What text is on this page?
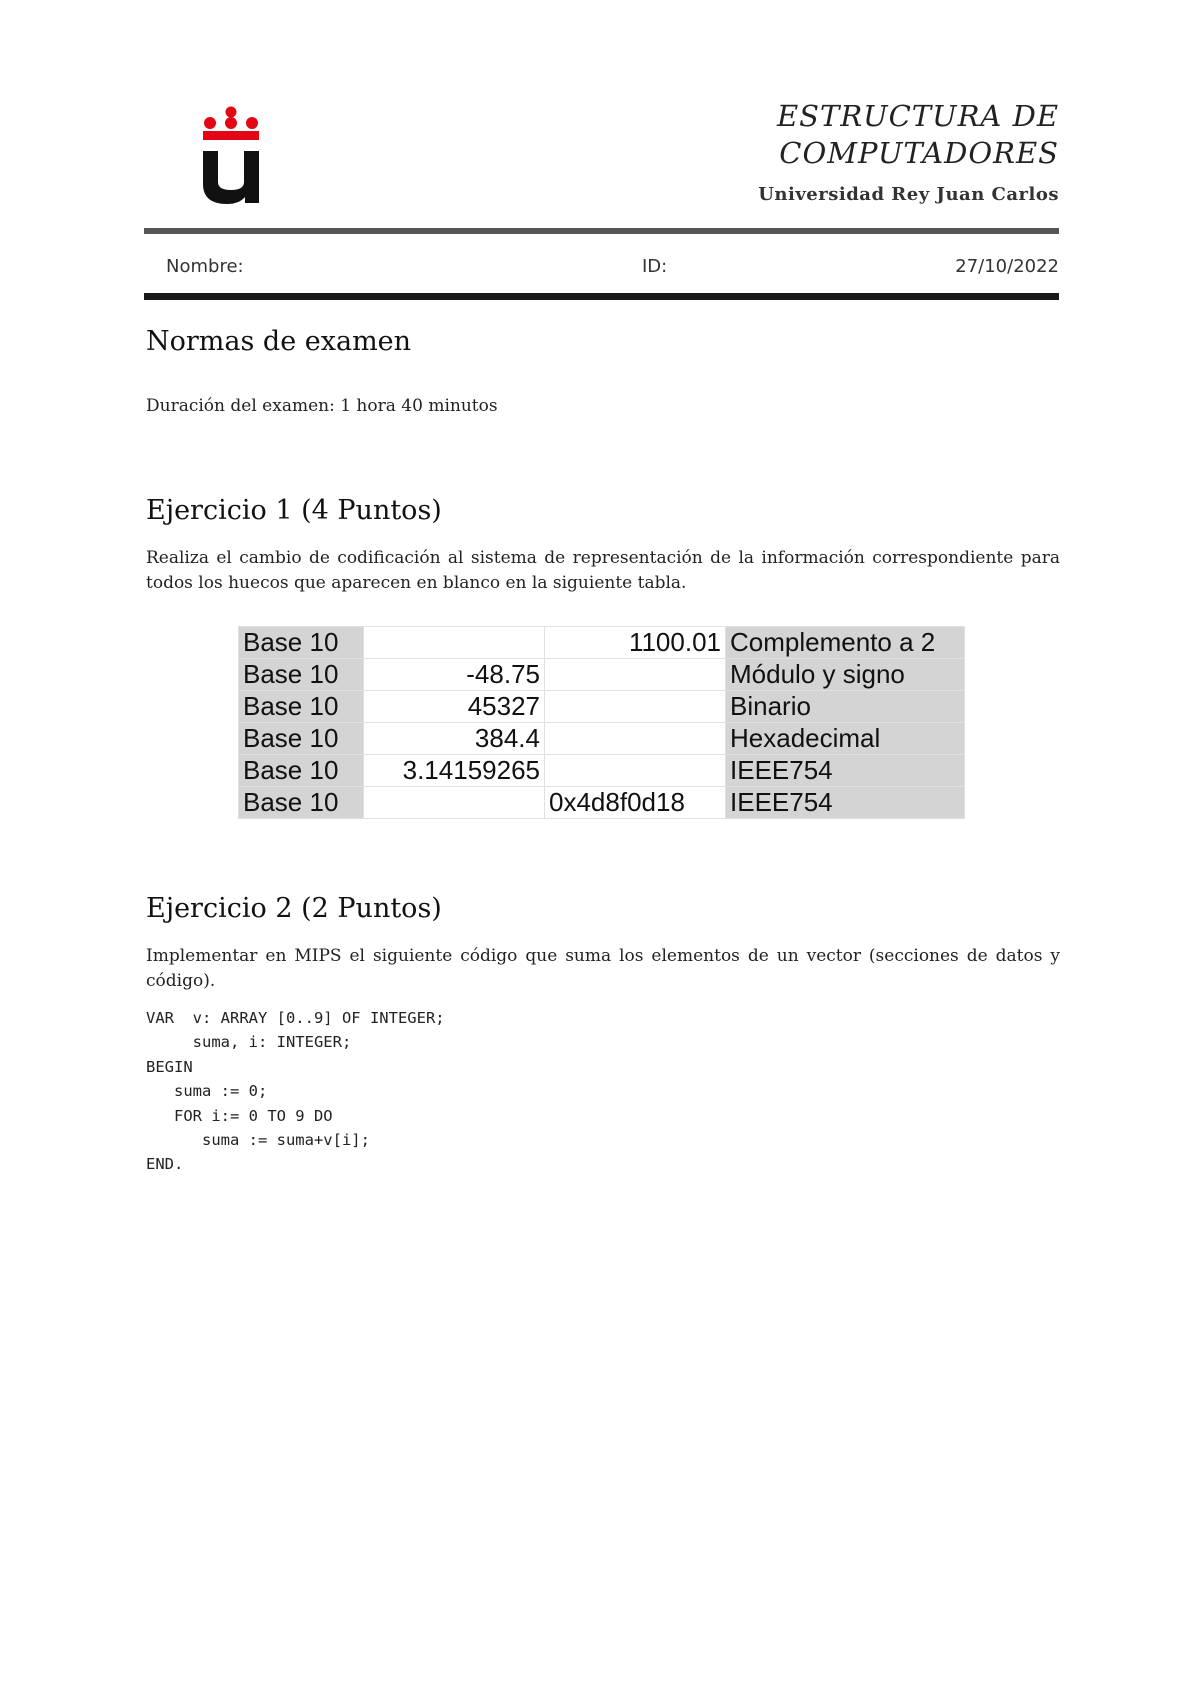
ESTRUCTURA DE
COMPUTADORES
Universidad Rey Juan Carlos
Nombre:	ID:	27/10/2022
Normas de examen
Duración del examen: 1 hora 40 minutos
Ejercicio 1 (4 Puntos)
Realiza el cambio de codificación al sistema de representación de la información correspondiente para todos los huecos que aparecen en blanco en la siguiente tabla.
Base 10		1100.01	Complemento a 2
Base 10	-48.75		Módulo y signo
Base 10	45327		Binario
Base 10	384.4		Hexadecimal
Base 10	3.14159265		IEEE754
Base 10		0x4d8f0d18	IEEE754
Ejercicio 2 (2 Puntos)
Implementar en MIPS el siguiente código que suma los elementos de un vector (secciones de datos y código).
VAR  v: ARRAY [0..9] OF INTEGER;
suma, i: INTEGER;
BEGIN
suma := 0;
FOR i:= 0 TO 9 DO
suma := suma+v[i];
END.
